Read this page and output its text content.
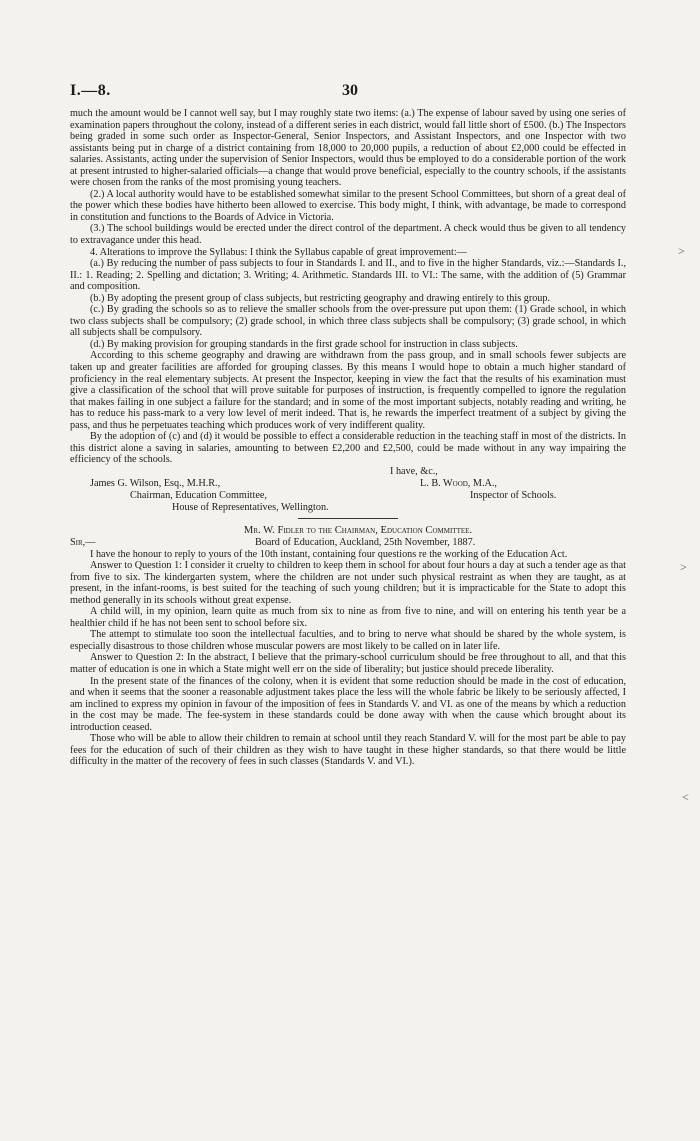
I.—8.	30
>
>
<

much the amount would be I cannot well say, but I may roughly state two items: (a.) The expense of labour saved by using one series of examination papers throughout the colony, instead of a different series in each district, would fall little short of £500. (b.) The Inspectors being graded in some such order as Inspector-General, Senior Inspectors, and Assistant Inspectors, and one Inspector with two assistants being put in charge of a district containing from 18,000 to 20,000 pupils, a reduction of about £2,000 could be effected in salaries. Assistants, acting under the supervision of Senior Inspectors, would thus be employed to do a considerable portion of the work at present intrusted to higher-salaried officials—a change that would prove beneficial, especially to the country schools, if the assistants were chosen from the ranks of the most promising young teachers.

(2.) A local authority would have to be established somewhat similar to the present School Committees, but shorn of a great deal of the power which these bodies have hitherto been allowed to exercise. This body might, I think, with advantage, be made to correspond in constitution and functions to the Boards of Advice in Victoria.

(3.) The school buildings would be erected under the direct control of the department. A check would thus be given to all tendency to extravagance under this head.

4. Alterations to improve the Syllabus: I think the Syllabus capable of great improvement:—

(a.) By reducing the number of pass subjects to four in Standards I. and II., and to five in the higher Standards, viz.:—Standards I., II.: 1. Reading; 2. Spelling and dictation; 3. Writing; 4. Arithmetic. Standards III. to VI.: The same, with the addition of (5) Grammar and composition.

(b.) By adopting the present group of class subjects, but restricting geography and drawing entirely to this group.

(c.) By grading the schools so as to relieve the smaller schools from the over-pressure put upon them: (1) Grade school, in which two class subjects shall be compulsory; (2) grade school, in which three class subjects shall be compulsory; (3) grade school, in which all subjects shall be compulsory.

(d.) By making provision for grouping standards in the first grade school for instruction in class subjects.

According to this scheme geography and drawing are withdrawn from the pass group, and in small schools fewer subjects are taken up and greater facilities are afforded for grouping classes. By this means I would hope to obtain a much higher standard of proficiency in the real elementary subjects. At present the Inspector, keeping in view the fact that the results of his examination must give a classification of the school that will prove suitable for purposes of instruction, is frequently compelled to ignore the regulation that makes failing in one subject a failure for the standard; and in some of the most important subjects, notably reading and writing, he has to reduce his pass-mark to a very low level of merit indeed. That is, he rewards the imperfect treatment of a subject by giving the pass, and thus he perpetuates teaching which produces work of very indifferent quality.

By the adoption of (c) and (d) it would be possible to effect a considerable reduction in the teaching staff in most of the districts. In this district alone a saving in salaries, amounting to between £2,200 and £2,500, could be made without in any way impairing the efficiency of the schools.

I have, &c.,
James G. Wilson, Esq., M.H.R.,
Chairman, Education Committee,
House of Representatives, Wellington.
L. B. Wood, M.A.,
Inspector of Schools.

Mr. W. Fidler to the Chairman, Education Committee.

Sir,—	Board of Education, Auckland, 25th November, 1887.

I have the honour to reply to yours of the 10th instant, containing four questions re the working of the Education Act.

Answer to Question 1: I consider it cruelty to children to keep them in school for about four hours a day at such a tender age as that from five to six. The kindergarten system, where the children are not under such physical restraint as when they are taught, as at present, in the infant-rooms, is best suited for the teaching of such young children; but it is impracticable for the State to adopt this method generally in its schools without great expense.

A child will, in my opinion, learn quite as much from six to nine as from five to nine, and will on entering his tenth year be a healthier child if he has not been sent to school before six.

The attempt to stimulate too soon the intellectual faculties, and to bring to nerve what should be shared by the whole system, is especially disastrous to those children whose muscular powers are most likely to be called on in later life.

Answer to Question 2: In the abstract, I believe that the primary-school curriculum should be free throughout to all, and that this matter of education is one in which a State might well err on the side of liberality; but justice should precede liberality.

In the present state of the finances of the colony, when it is evident that some reduction should be made in the cost of education, and when it seems that the sooner a reasonable adjustment takes place the less will the whole fabric be likely to be seriously affected, I am inclined to express my opinion in favour of the imposition of fees in Standards V. and VI. as one of the means by which a reduction in the cost may be made. The fee-system in these standards could be done away with when the cause which brought about its introduction ceased.

Those who will be able to allow their children to remain at school until they reach Standard V. will for the most part be able to pay fees for the education of such of their children as they wish to have taught in these higher standards, so that there would be little difficulty in the matter of the recovery of fees in such classes (Standards V. and VI.).
